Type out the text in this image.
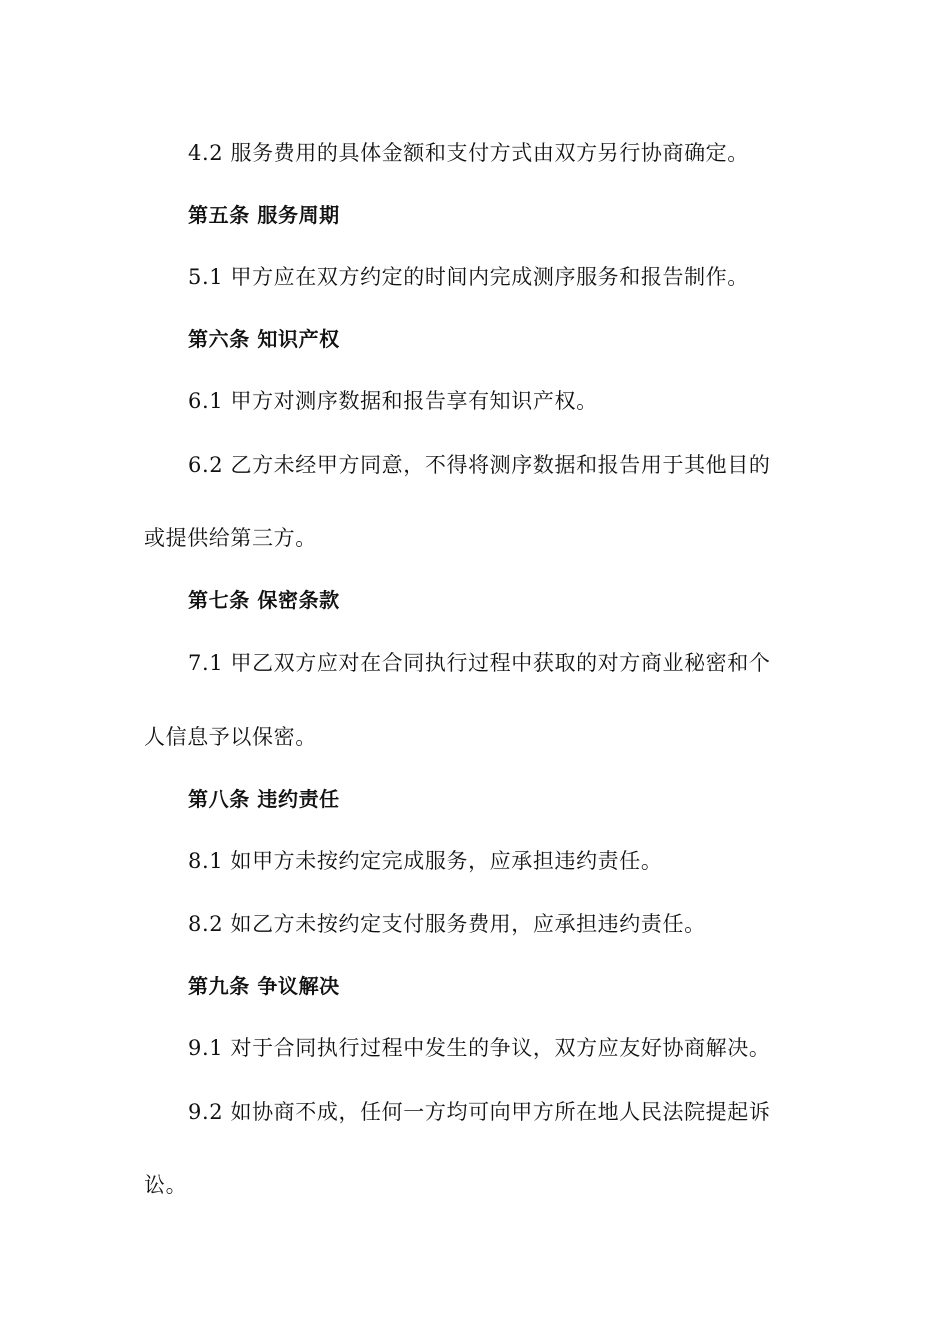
4.2 服务费用的具体金额和支付方式由双方另行协商确定。
第五条 服务周期
5.1 甲方应在双方约定的时间内完成测序服务和报告制作。
第六条 知识产权
6.1 甲方对测序数据和报告享有知识产权。
6.2 乙方未经甲方同意，不得将测序数据和报告用于其他目的
或提供给第三方。
第七条 保密条款
7.1 甲乙双方应对在合同执行过程中获取的对方商业秘密和个
人信息予以保密。
第八条 违约责任
8.1 如甲方未按约定完成服务，应承担违约责任。
8.2 如乙方未按约定支付服务费用，应承担违约责任。
第九条 争议解决
9.1 对于合同执行过程中发生的争议，双方应友好协商解决。
9.2 如协商不成，任何一方均可向甲方所在地人民法院提起诉
讼。
